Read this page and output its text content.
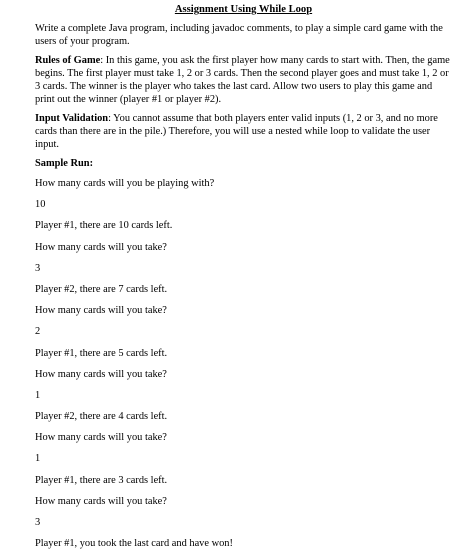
Assignment Using While Loop

Write a complete Java program, including javadoc comments, to play a simple card game with the users of your program.

Rules of Game: In this game, you ask the first player how many cards to start with. Then, the game begins. The first player must take 1, 2 or 3 cards. Then the second player goes and must take 1, 2 or 3 cards. The winner is the player who takes the last card. Allow two users to play this game and print out the winner (player #1 or player #2).

Input Validation: You cannot assume that both players enter valid inputs (1, 2 or 3, and no more cards than there are in the pile.) Therefore, you will use a nested while loop to validate the user input.

Sample Run:

How many cards will you be playing with?

10

Player #1, there are 10 cards left.

How many cards will you take?

3

Player #2, there are 7 cards left.

How many cards will you take?

2

Player #1, there are 5 cards left.

How many cards will you take?

1

Player #2, there are 4 cards left.

How many cards will you take?

1

Player #1, there are 3 cards left.

How many cards will you take?

3

Player #1, you took the last card and have won!
